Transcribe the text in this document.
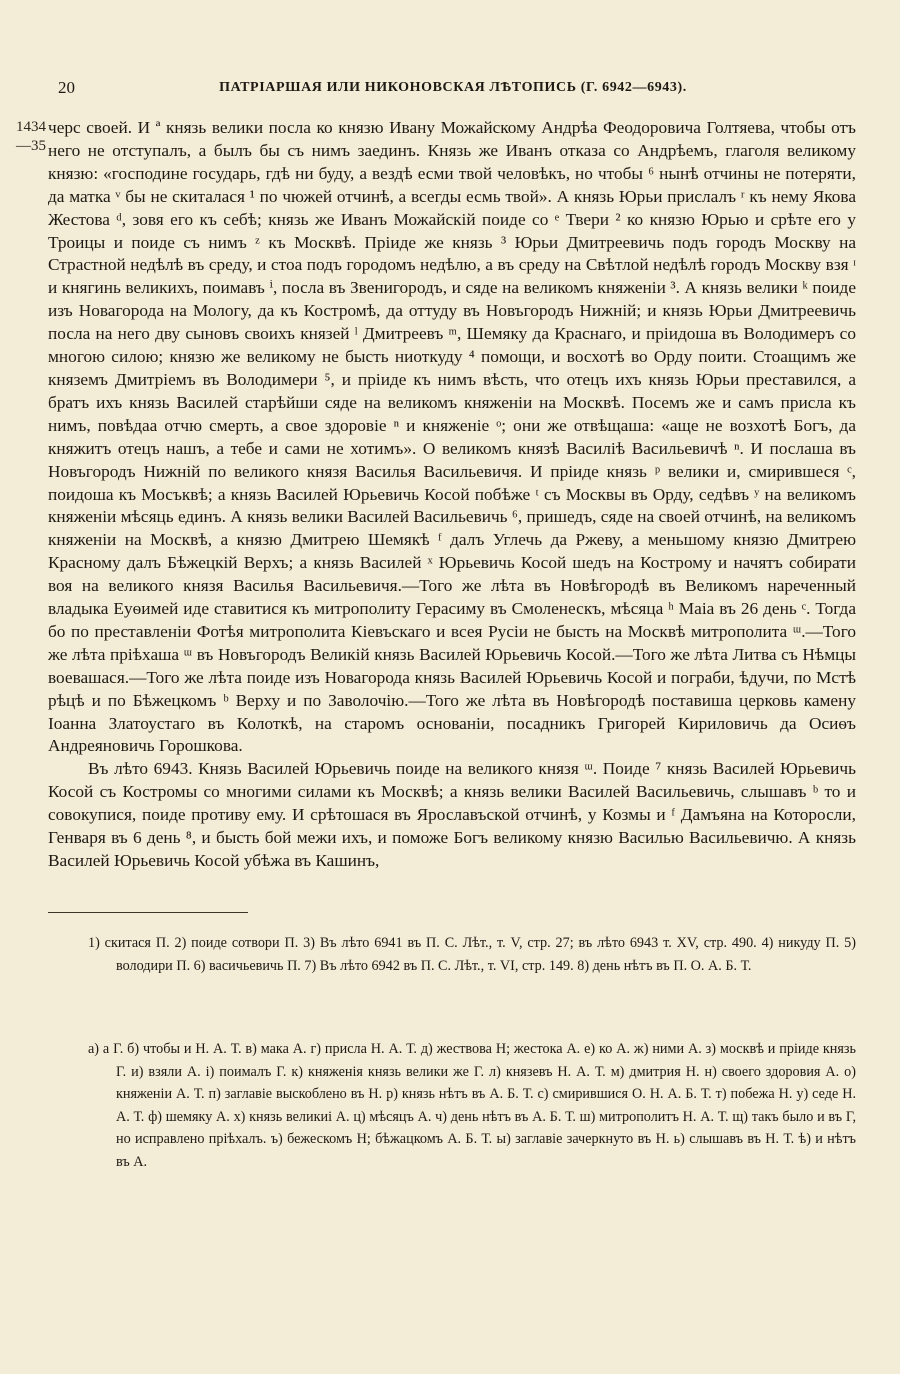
20	ПАТРІАРШАЯ ИЛИ НИКОНОВСКАЯ ЛѢТОПИСЬ (Г. 6942—6943).
1434
—35

черс своей. И ª князь велики посла ко князю Ивану Можайскому Андрѣа Феодоровича Голтяева, чтобы отъ него не отступалъ, а былъ бы съ нимъ заединъ. Князь же Иванъ отказа со Андрѣемъ, глаголя великому князю: «господине государь, гдѣ ни буду, а вездѣ есми твой человѣкъ, но чтобы ⁶ нынѣ отчины не потеряти, да матка ᵛ бы не скиталася ¹ по чюжей отчинѣ, а всегды есмь твой». А князь Юрьи прислалъ ʳ къ нему Якова Жестова ᵈ, зовя его къ себѣ; князь же Иванъ Можайскій поиде со ᵉ Твери ² ко князю Юрью и срѣте его у Троицы и поиде съ нимъ ᶻ къ Москвѣ. Пріиде же князь ³ Юрьи Дмитреевичь подъ городъ Москву на Страстной недѣлѣ въ среду, и стоа подъ городомъ недѣлю, а въ среду на Свѣтлой недѣлѣ городъ Москву взя ᶦ и княгинь великихъ, поимавъ ⁱ, посла въ Звенигородъ, и сяде на великомъ княженіи ³. А князь велики ᵏ поиде изъ Новагорода на Мологу, да къ Костромѣ, да оттуду въ Новъгородъ Нижній; и князь Юрьи Дмитреевичь посла на него дву сыновъ своихъ князей ˡ Дмитреевъ ᵐ, Шемяку да Краснаго, и пріидоша въ Володимеръ со многою силою; князю же великому не бысть ниоткуду ⁴ помощи, и восхотѣ во Орду поити. Стоащимъ же княземъ Дмитріемъ въ Володимери ⁵, и пріиде къ нимъ вѣсть, что отецъ ихъ князь Юрьи преставился, а братъ ихъ князь Василей старѣйши сяде на великомъ княженіи на Москвѣ. Посемъ же и самъ присла къ нимъ, повѣдаа отчю смерть, а свое здоровіе ⁿ и княженіе ᵒ; они же отвѣщаша: «аще не возхотѣ Богъ, да княжитъ отецъ нашъ, а тебе и сами не хотимъ». О великомъ князѣ Василіѣ Васильевичѣ ⁿ. И послаша въ Новъгородъ Нижній по великого князя Василья Васильевичя. И пріиде князь ᵖ велики и, смирившеся ᶜ, поидоша къ Мосъквѣ; а князь Василей Юрьевичь Косой побѣже ᵗ съ Москвы въ Орду, седѣвъ ʸ на великомъ княженіи мѣсяць единъ. А князь велики Василей Васильевичь ⁶, пришедъ, сяде на своей отчинѣ, на великомъ княженіи на Москвѣ, а князю Дмитрею Шемякѣ ᶠ далъ Углечь да Ржеву, а меньшому князю Дмитрею Красному далъ Бѣжецкій Верхъ; а князь Василей ˣ Юрьевичь Косой шедъ на Кострому и начятъ собирати воя на великого князя Василья Васильевичя.—Того же лѣта въ Новѣгородѣ въ Великомъ нареченный владыка Еуѳимей иде ставитися къ митрополиту Герасиму въ Смоленескъ, мѣсяца ʰ Маіа въ 26 день ᶜ. Тогда бо по преставленіи Фотѣя митрополита Кіевъскаго и всея Русіи не бысть на Москвѣ митрополита ᵚ.—Того же лѣта пріѣхаша ᵚ въ Новъгородъ Великій князь Василей Юрьевичь Косой.—Того же лѣта Литва съ Нѣмцы воевашася.—Того же лѣта поиде изъ Новагорода князь Василей Юрьевичь Косой и пограби, ѣдучи, по Мстѣ рѣцѣ и по Бѣжецкомъ ᵇ Верху и по Заволочію.—Того же лѣта въ Новѣгородѣ поставиша церковь камену Іоанна Златоустаго въ Колоткѣ, на старомъ основаніи, посадникъ Григорей Кириловичь да Осиѳъ Андреяновичь Горошкова.

Въ лѣто 6943. Князь Василей Юрьевичь поиде на великого князя ᵚ. Поиде ⁷ князь Василей Юрьевичь Косой съ Костромы со многими силами къ Москвѣ; а князь велики Василей Васильевичь, слышавъ ᵇ то и совокупися, поиде противу ему. И срѣтошася въ Ярославъской отчинѣ, у Козмы и ᶠ Дамъяна на Которосли, Генваря въ 6 день ⁸, и бысть бой межи ихъ, и поможе Богъ великому князю Василью Васильевичю. А князь Василей Юрьевичь Косой убѣжа въ Кашинъ,

1) скитася П. 2) поиде сотвори П. 3) Въ лѣто 6941 въ П. С. Лѣт., т. V, стр. 27; въ лѣто 6943 т. XV, стр. 490. 4) никуду П. 5) володири П. 6) васичьевичь П. 7) Въ лѣто 6942 въ П. С. Лѣт., т. VI, стр. 149. 8) день нѣтъ въ П. О. А. Б. Т.
а) а Г. б) чтобы и Н. А. Т. в) мака А. г) присла Н. А. Т. д) жествова Н; жестока А. е) ко А. ж) ними А. з) москвѣ и пріиде князь Г. и) взяли А. і) поималъ Г. к) княженія князь велики же Г. л) князевъ Н. А. Т. м) дмитрия Н. н) своего здоровия А. о) княженіи А. Т. п) заглавіе выскоблено въ Н. р) князь нѣтъ въ А. Б. Т. с) смирившися О. Н. А. Б. Т. т) побежа Н. у) седе Н. А. Т. ф) шемяку А. х) князь великиі А. ц) мѣсяцъ А. ч) день нѣтъ въ А. Б. Т. ш) митрополитъ Н. А. Т. щ) такъ было и въ Г, но исправлено пріѣхалъ. ъ) бежескомъ Н; бѣжацкомъ А. Б. Т. ы) заглавіе зачеркнуто въ Н. ь) слышавъ въ Н. Т. ѣ) и нѣтъ въ А.
